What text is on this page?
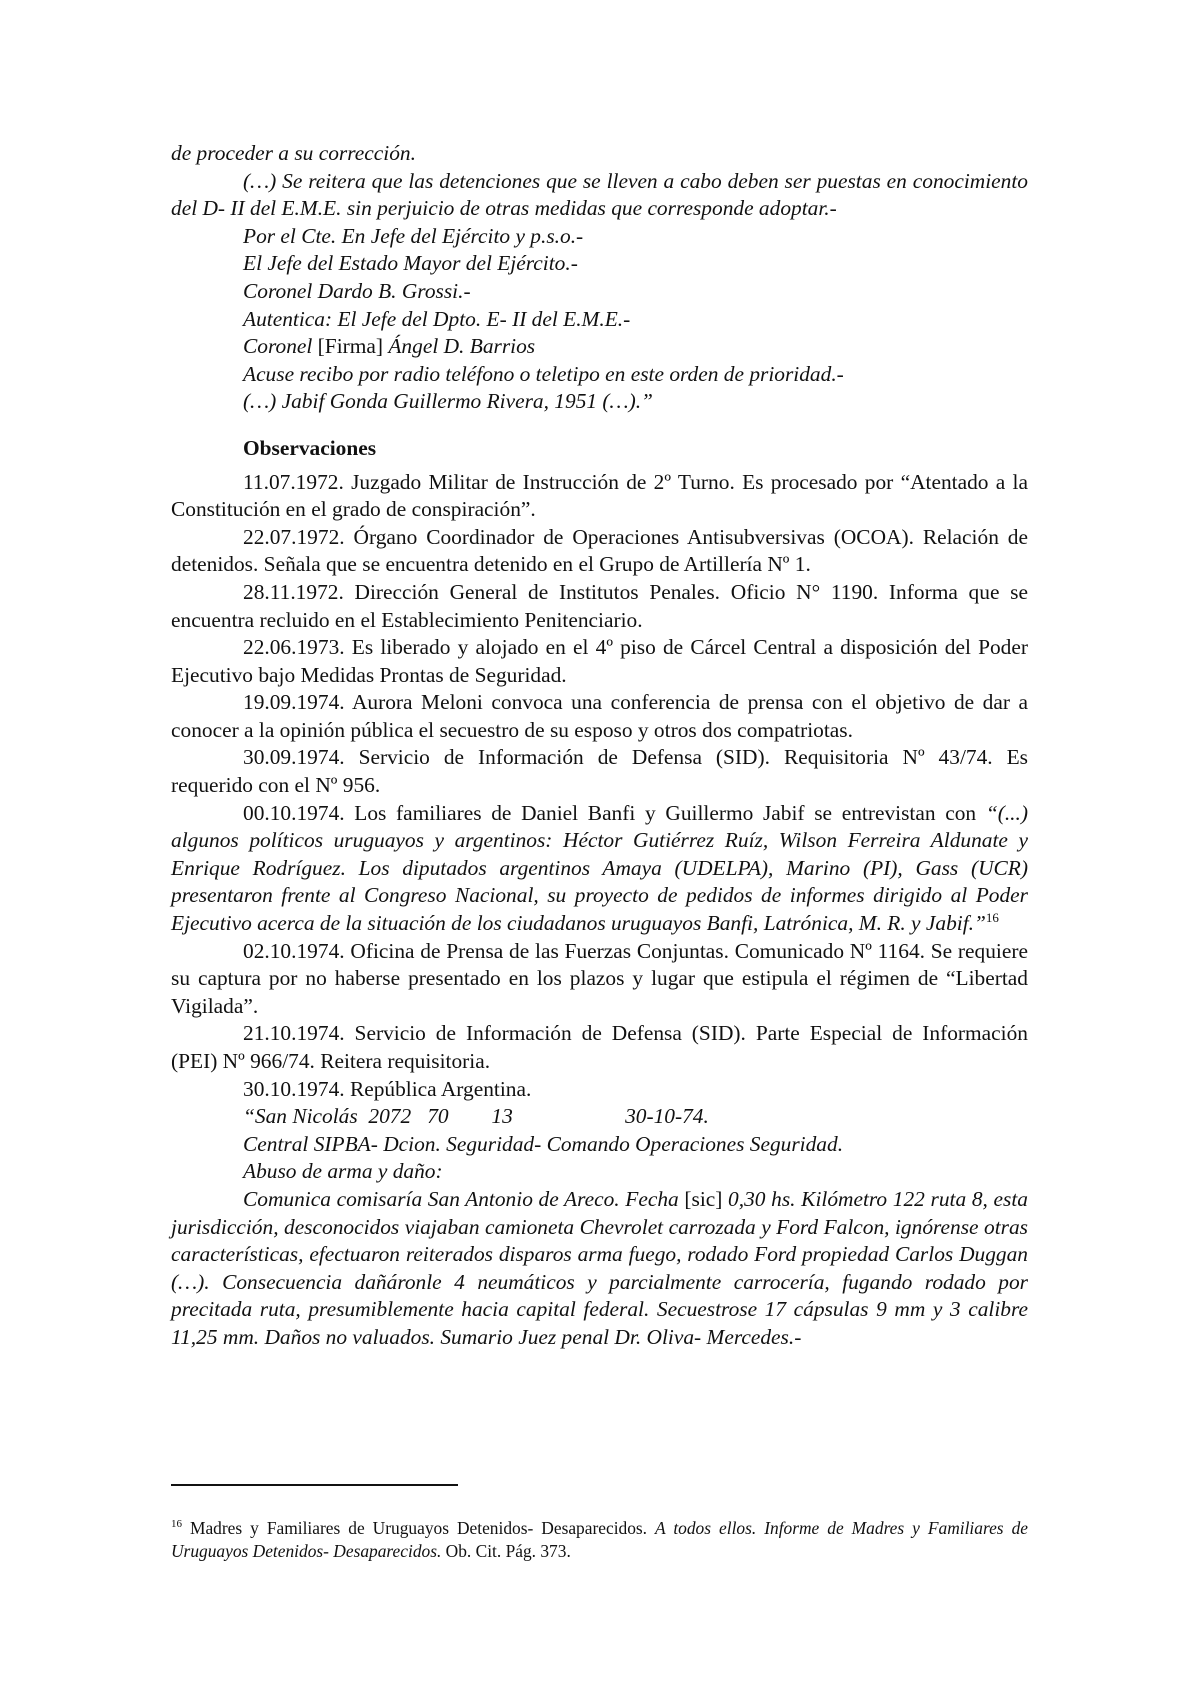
de proceder a su corrección.

(…) Se reitera que las detenciones que se lleven a cabo deben ser puestas en conocimiento del D- II del E.M.E. sin perjuicio de otras medidas que corresponde adoptar.-

Por el Cte. En Jefe del Ejército y p.s.o.-

El Jefe del Estado Mayor del Ejército.-

Coronel Dardo B. Grossi.-

Autentica: El Jefe del Dpto. E- II del E.M.E.-

Coronel [Firma] Ángel D. Barrios

Acuse recibo por radio teléfono o teletipo en este orden de prioridad.-

(…) Jabif Gonda Guillermo Rivera, 1951 (…).”

Observaciones

11.07.1972. Juzgado Militar de Instrucción de 2º Turno. Es procesado por “Atentado a la Constitución en el grado de conspiración”.

22.07.1972. Órgano Coordinador de Operaciones Antisubversivas (OCOA). Relación de detenidos. Señala que se encuentra detenido en el Grupo de Artillería Nº 1.

28.11.1972. Dirección General de Institutos Penales. Oficio N° 1190. Informa que se encuentra recluido en el Establecimiento Penitenciario.

22.06.1973. Es liberado y alojado en el 4º piso de Cárcel Central a disposición del Poder Ejecutivo bajo Medidas Prontas de Seguridad.

19.09.1974. Aurora Meloni convoca una conferencia de prensa con el objetivo de dar a conocer a la opinión pública el secuestro de su esposo y otros dos compatriotas.

30.09.1974. Servicio de Información de Defensa (SID). Requisitoria Nº 43/74. Es requerido con el Nº 956.

00.10.1974. Los familiares de Daniel Banfi y Guillermo Jabif se entrevistan con “(...) algunos políticos uruguayos y argentinos: Héctor Gutiérrez Ruíz, Wilson Ferreira Aldunate y Enrique Rodríguez. Los diputados argentinos Amaya (UDELPA), Marino (PI), Gass (UCR) presentaron frente al Congreso Nacional, su proyecto de pedidos de informes dirigido al Poder Ejecutivo acerca de la situación de los ciudadanos uruguayos Banfi, Latrónica, M. R. y Jabif.”$^{16}$

02.10.1974. Oficina de Prensa de las Fuerzas Conjuntas. Comunicado Nº 1164. Se requiere su captura por no haberse presentado en los plazos y lugar que estipula el régimen de “Libertad Vigilada”.

21.10.1974. Servicio de Información de Defensa (SID). Parte Especial de Información (PEI) Nº 966/74. Reitera requisitoria.

30.10.1974. República Argentina.

“San Nicolás  2072   70        13                     30-10-74.

Central SIPBA- Dcion. Seguridad- Comando Operaciones Seguridad.

Abuso de arma y daño:

Comunica comisaría San Antonio de Areco. Fecha [sic] 0,30 hs. Kilómetro 122 ruta 8, esta jurisdicción, desconocidos viajaban camioneta Chevrolet carrozada y Ford Falcon, ignórense otras características, efectuaron reiterados disparos arma fuego, rodado Ford propiedad Carlos Duggan (…). Consecuencia dañáronle 4 neumáticos y parcialmente carrocería, fugando rodado por precitada ruta, presumiblemente hacia capital federal. Secuestrose 17 cápsulas 9 mm y 3 calibre 11,25 mm. Daños no valuados. Sumario Juez penal Dr. Oliva- Mercedes.-

$^{16}$ Madres y Familiares de Uruguayos Detenidos- Desaparecidos. A todos ellos. Informe de Madres y Familiares de Uruguayos Detenidos- Desaparecidos. Ob. Cit. Pág. 373.
